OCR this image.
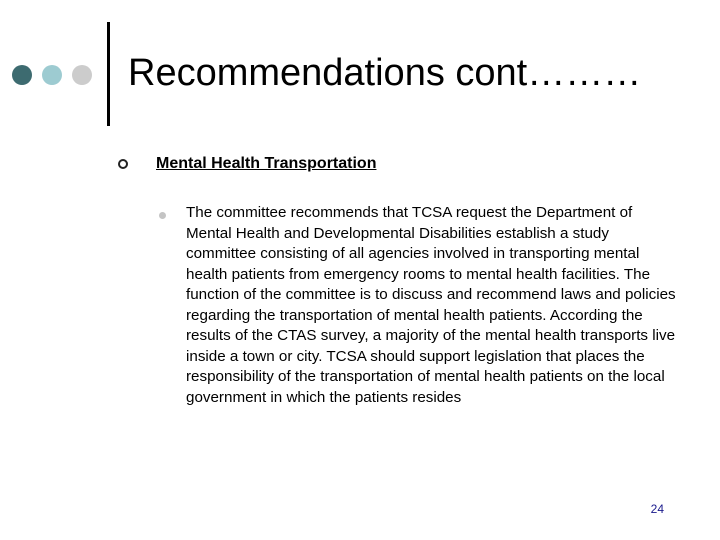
Recommendations cont………
Mental Health Transportation

The committee recommends that TCSA request the Department of Mental Health and Developmental Disabilities establish a study committee consisting of all agencies involved in transporting mental health patients from emergency rooms to mental health facilities. The function of the committee is to discuss and recommend laws and policies regarding the transportation of mental health patients. According the results of the CTAS survey, a majority of the mental health transports live inside a town or city. TCSA should support legislation that places the responsibility of the transportation of mental health patients on the local government in which the patients resides

24
